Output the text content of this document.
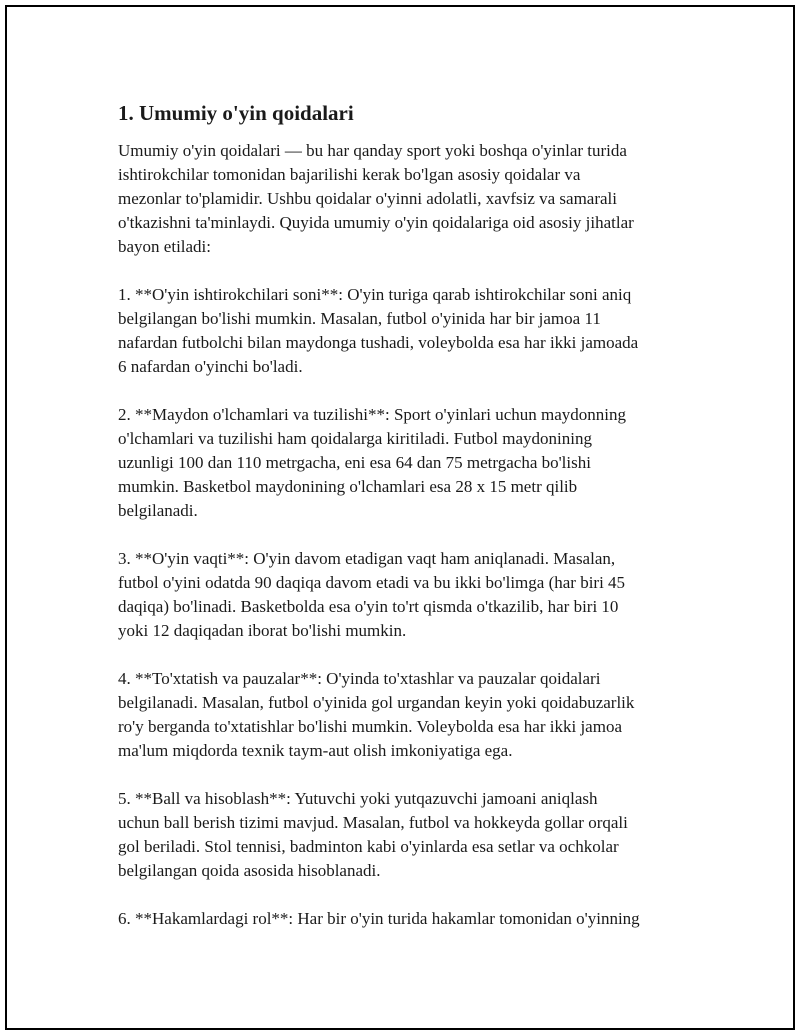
1. Umumiy o'yin qoidalari
Umumiy o'yin qoidalari — bu har qanday sport yoki boshqa o'yinlar turida
ishtirokchilar tomonidan bajarilishi kerak bo'lgan asosiy qoidalar va
mezonlar to'plamidir. Ushbu qoidalar o'yinni adolatli, xavfsiz va samarali
o'tkazishni ta'minlaydi. Quyida umumiy o'yin qoidalariga oid asosiy jihatlar
bayon etiladi:
1. **O'yin ishtirokchilari soni**: O'yin turiga qarab ishtirokchilar soni aniq
belgilangan bo'lishi mumkin. Masalan, futbol o'yinida har bir jamoa 11
nafardan futbolchi bilan maydonga tushadi, voleybolda esa har ikki jamoada
6 nafardan o'yinchi bo'ladi.
2. **Maydon o'lchamlari va tuzilishi**: Sport o'yinlari uchun maydonning
o'lchamlari va tuzilishi ham qoidalarga kiritiladi. Futbol maydonining
uzunligi 100 dan 110 metrgacha, eni esa 64 dan 75 metrgacha bo'lishi
mumkin. Basketbol maydonining o'lchamlari esa 28 x 15 metr qilib
belgilanadi.
3. **O'yin vaqti**: O'yin davom etadigan vaqt ham aniqlanadi. Masalan,
futbol o'yini odatda 90 daqiqa davom etadi va bu ikki bo'limga (har biri 45
daqiqa) bo'linadi. Basketbolda esa o'yin to'rt qismda o'tkazilib, har biri 10
yoki 12 daqiqadan iborat bo'lishi mumkin.
4. **To'xtatish va pauzalar**: O'yinda to'xtashlar va pauzalar qoidalari
belgilanadi. Masalan, futbol o'yinida gol urgandan keyin yoki qoidabuzarlik
ro'y berganda to'xtatishlar bo'lishi mumkin. Voleybolda esa har ikki jamoa
ma'lum miqdorda texnik taym-aut olish imkoniyatiga ega.
5. **Ball va hisoblash**: Yutuvchi yoki yutqazuvchi jamoani aniqlash
uchun ball berish tizimi mavjud. Masalan, futbol va hokkeyda gollar orqali
gol beriladi. Stol tennisi, badminton kabi o'yinlarda esa setlar va ochkolar
belgilangan qoida asosida hisoblanadi.
6. **Hakamlardagi rol**: Har bir o'yin turida hakamlar tomonidan o'yinning
